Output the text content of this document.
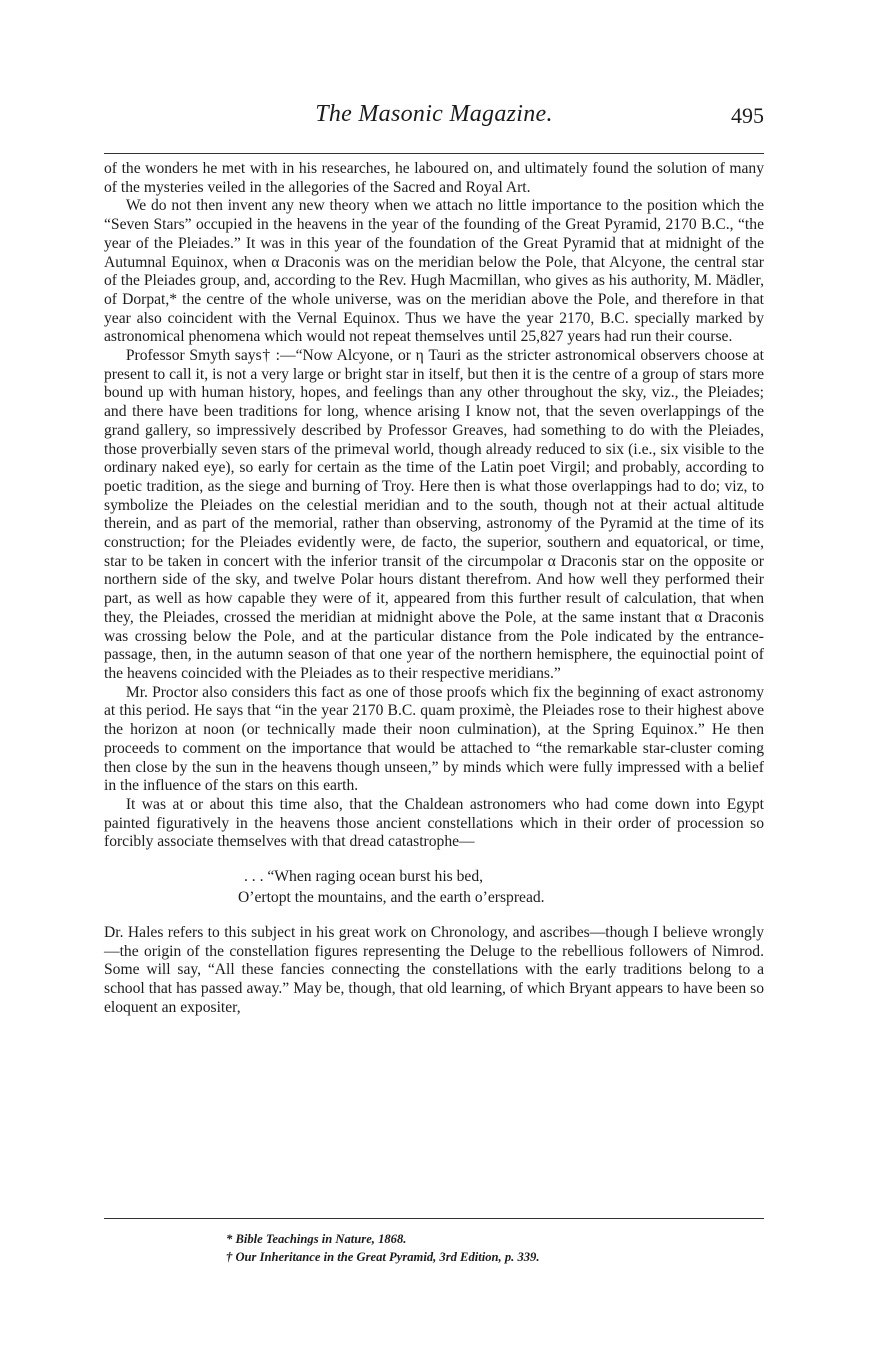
The Masonic Magazine.	495

of the wonders he met with in his researches, he laboured on, and ultimately found the solution of many of the mysteries veiled in the allegories of the Sacred and Royal Art.

We do not then invent any new theory when we attach no little importance to the position which the “Seven Stars” occupied in the heavens in the year of the founding of the Great Pyramid, 2170 B.C., “the year of the Pleiades.” It was in this year of the foundation of the Great Pyramid that at midnight of the Autumnal Equinox, when α Draconis was on the meridian below the Pole, that Alcyone, the central star of the Pleiades group, and, according to the Rev. Hugh Macmillan, who gives as his authority, M. Mädler, of Dorpat,* the centre of the whole universe, was on the meridian above the Pole, and therefore in that year also coincident with the Vernal Equinox. Thus we have the year 2170, B.C. specially marked by astronomical phenomena which would not repeat themselves until 25,827 years had run their course.

Professor Smyth says† :—“Now Alcyone, or η Tauri as the stricter astronomical observers choose at present to call it, is not a very large or bright star in itself, but then it is the centre of a group of stars more bound up with human history, hopes, and feelings than any other throughout the sky, viz., the Pleiades; and there have been traditions for long, whence arising I know not, that the seven overlappings of the grand gallery, so impressively described by Professor Greaves, had something to do with the Pleiades, those proverbially seven stars of the primeval world, though already reduced to six (i.e., six visible to the ordinary naked eye), so early for certain as the time of the Latin poet Virgil; and probably, according to poetic tradition, as the siege and burning of Troy. Here then is what those overlappings had to do; viz, to symbolize the Pleiades on the celestial meridian and to the south, though not at their actual altitude therein, and as part of the memorial, rather than observing, astronomy of the Pyramid at the time of its construction; for the Pleiades evidently were, de facto, the superior, southern and equatorical, or time, star to be taken in concert with the inferior transit of the circumpolar α Draconis star on the opposite or northern side of the sky, and twelve Polar hours distant therefrom. And how well they performed their part, as well as how capable they were of it, appeared from this further result of calculation, that when they, the Pleiades, crossed the meridian at midnight above the Pole, at the same instant that α Draconis was crossing below the Pole, and at the particular distance from the Pole indicated by the entrance-passage, then, in the autumn season of that one year of the northern hemisphere, the equinoctial point of the heavens coincided with the Pleiades as to their respective meridians.”

Mr. Proctor also considers this fact as one of those proofs which fix the beginning of exact astronomy at this period. He says that “in the year 2170 B.C. quam proximè, the Pleiades rose to their highest above the horizon at noon (or technically made their noon culmination), at the Spring Equinox.” He then proceeds to comment on the importance that would be attached to “the remarkable star-cluster coming then close by the sun in the heavens though unseen,” by minds which were fully impressed with a belief in the influence of the stars on this earth.

It was at or about this time also, that the Chaldean astronomers who had come down into Egypt painted figuratively in the heavens those ancient constellations which in their order of procession so forcibly associate themselves with that dread catastrophe—

. . . “When raging ocean burst his bed,
O’ertopt the mountains, and the earth o’erspread.

Dr. Hales refers to this subject in his great work on Chronology, and ascribes—though I believe wrongly—the origin of the constellation figures representing the Deluge to the rebellious followers of Nimrod. Some will say, “All these fancies connecting the constellations with the early traditions belong to a school that has passed away.” May be, though, that old learning, of which Bryant appears to have been so eloquent an expositer,

* Bible Teachings in Nature, 1868.
† Our Inheritance in the Great Pyramid, 3rd Edition, p. 339.
